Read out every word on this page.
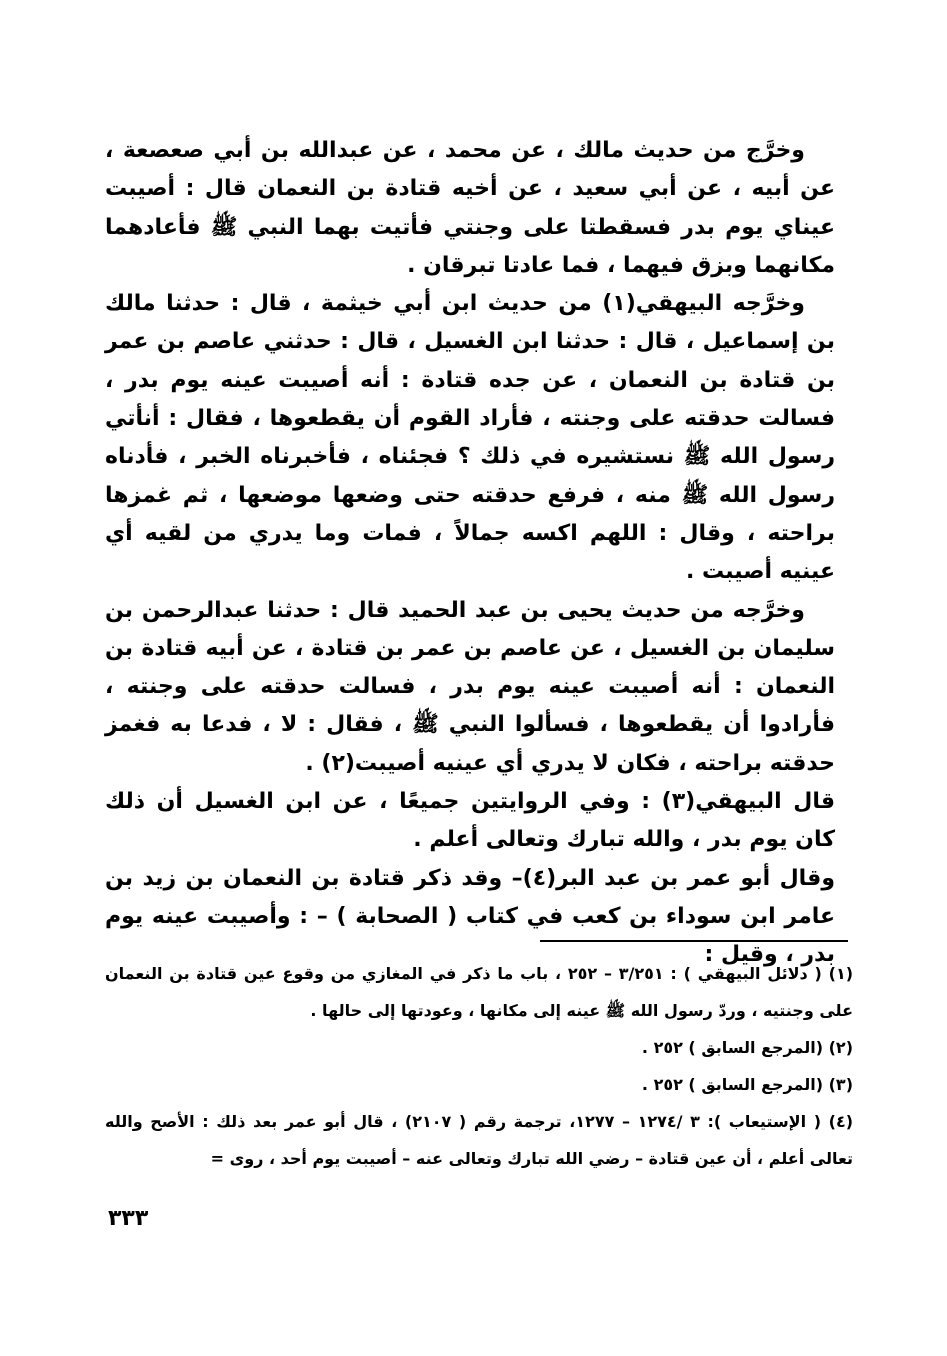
وخرَّج من حديث مالك ، عن محمد ، عن عبدالله بن أبي صعصعة ، عن أبيه ، عن أبي سعيد ، عن أخيه قتادة بن النعمان قال : أصيبت عيناي يوم بدر فسقطتا على وجنتي فأتيت بهما النبي ﷺ فأعادهما مكانهما وبزق فيهما ، فما عادتا تبرقان .

وخرَّجه البيهقي(١) من حديث ابن أبي خيثمة ، قال : حدثنا مالك بن إسماعيل ، قال : حدثنا ابن الغسيل ، قال : حدثني عاصم بن عمر بن قتادة بن النعمان ، عن جده قتادة : أنه أصيبت عينه يوم بدر ، فسالت حدقته على وجنته ، فأراد القوم أن يقطعوها ، فقال : أنأتي رسول الله ﷺ نستشيره في ذلك ؟ فجئناه ، فأخبرناه الخبر ، فأدناه رسول الله ﷺ منه ، فرفع حدقته حتى وضعها موضعها ، ثم غمزها براحته ، وقال : اللهم اكسه جمالاً ، فمات وما يدري من لقيه أي عينيه أصيبت .

وخرَّجه من حديث يحيى بن عبد الحميد قال : حدثنا عبدالرحمن بن سليمان بن الغسيل ، عن عاصم بن عمر بن قتادة ، عن أبيه قتادة بن النعمان : أنه أصيبت عينه يوم بدر ، فسالت حدقته على وجنته ، فأرادوا أن يقطعوها ، فسألوا النبي ﷺ ، فقال : لا ، فدعا به فغمز حدقته براحته ، فكان لا يدري أي عينيه أصيبت(٢) .

قال البيهقي(٣) : وفي الروايتين جميعًا ، عن ابن الغسيل أن ذلك كان يوم بدر ، والله تبارك وتعالى أعلم .

وقال أبو عمر بن عبد البر(٤)– وقد ذكر قتادة بن النعمان بن زيد بن عامر ابن سوداء بن كعب في كتاب ( الصحابة ) – : وأصيبت عينه يوم بدر ، وقيل :

(١) ( دلائل البيهقي ) : ٣/٢٥١ – ٢٥٢ ، باب ما ذكر في المغازي من وقوع عين قتادة بن النعمان على وجنتيه ، وردّ رسول الله ﷺ عينه إلى مكانها ، وعودتها إلى حالها .

(٢) (المرجع السابق ) ٢٥٢ .

(٣) (المرجع السابق ) ٢٥٢ .

(٤) ( الإستيعاب ): ٣ /١٢٧٤ – ١٢٧٧، ترجمة رقم ( ٢١٠٧) ، قال أبو عمر بعد ذلك : الأصح والله تعالى أعلم ، أن عين قتادة – رضي الله تبارك وتعالى عنه – أصيبت يوم أحد ، روى =

٣٣٣
